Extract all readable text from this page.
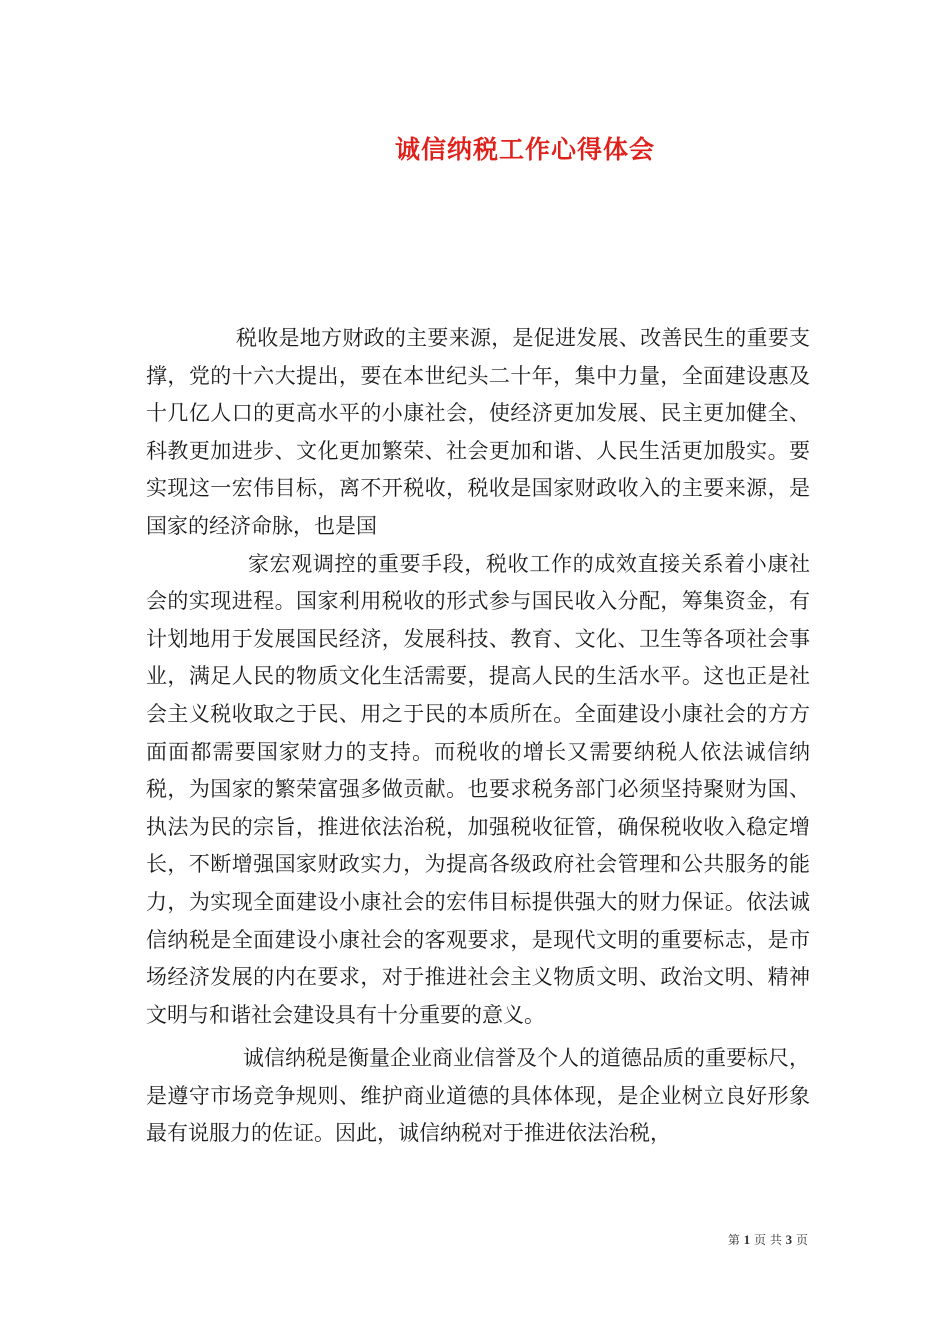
诚信纳税工作心得体会

税收是地方财政的主要来源，是促进发展、改善民生的重要支撑，党的十六大提出，要在本世纪头二十年，集中力量，全面建设惠及十几亿人口的更高水平的小康社会，使经济更加发展、民主更加健全、科教更加进步、文化更加繁荣、社会更加和谐、人民生活更加殷实。要实现这一宏伟目标，离不开税收，税收是国家财政收入的主要来源，是国家的经济命脉，也是国

家宏观调控的重要手段，税收工作的成效直接关系着小康社会的实现进程。国家利用税收的形式参与国民收入分配，筹集资金，有计划地用于发展国民经济，发展科技、教育、文化、卫生等各项社会事业，满足人民的物质文化生活需要，提高人民的生活水平。这也正是社会主义税收取之于民、用之于民的本质所在。全面建设小康社会的方方面面都需要国家财力的支持。而税收的增长又需要纳税人依法诚信纳税，为国家的繁荣富强多做贡献。也要求税务部门必须坚持聚财为国、执法为民的宗旨，推进依法治税，加强税收征管，确保税收收入稳定增长，不断增强国家财政实力，为提高各级政府社会管理和公共服务的能力，为实现全面建设小康社会的宏伟目标提供强大的财力保证。依法诚信纳税是全面建设小康社会的客观要求，是现代文明的重要标志，是市场经济发展的内在要求，对于推进社会主义物质文明、政治文明、精神文明与和谐社会建设具有十分重要的意义。

诚信纳税是衡量企业商业信誉及个人的道德品质的重要标尺，是遵守市场竞争规则、维护商业道德的具体体现，是企业树立良好形象最有说服力的佐证。因此，诚信纳税对于推进依法治税，

第 1 页 共 3 页
